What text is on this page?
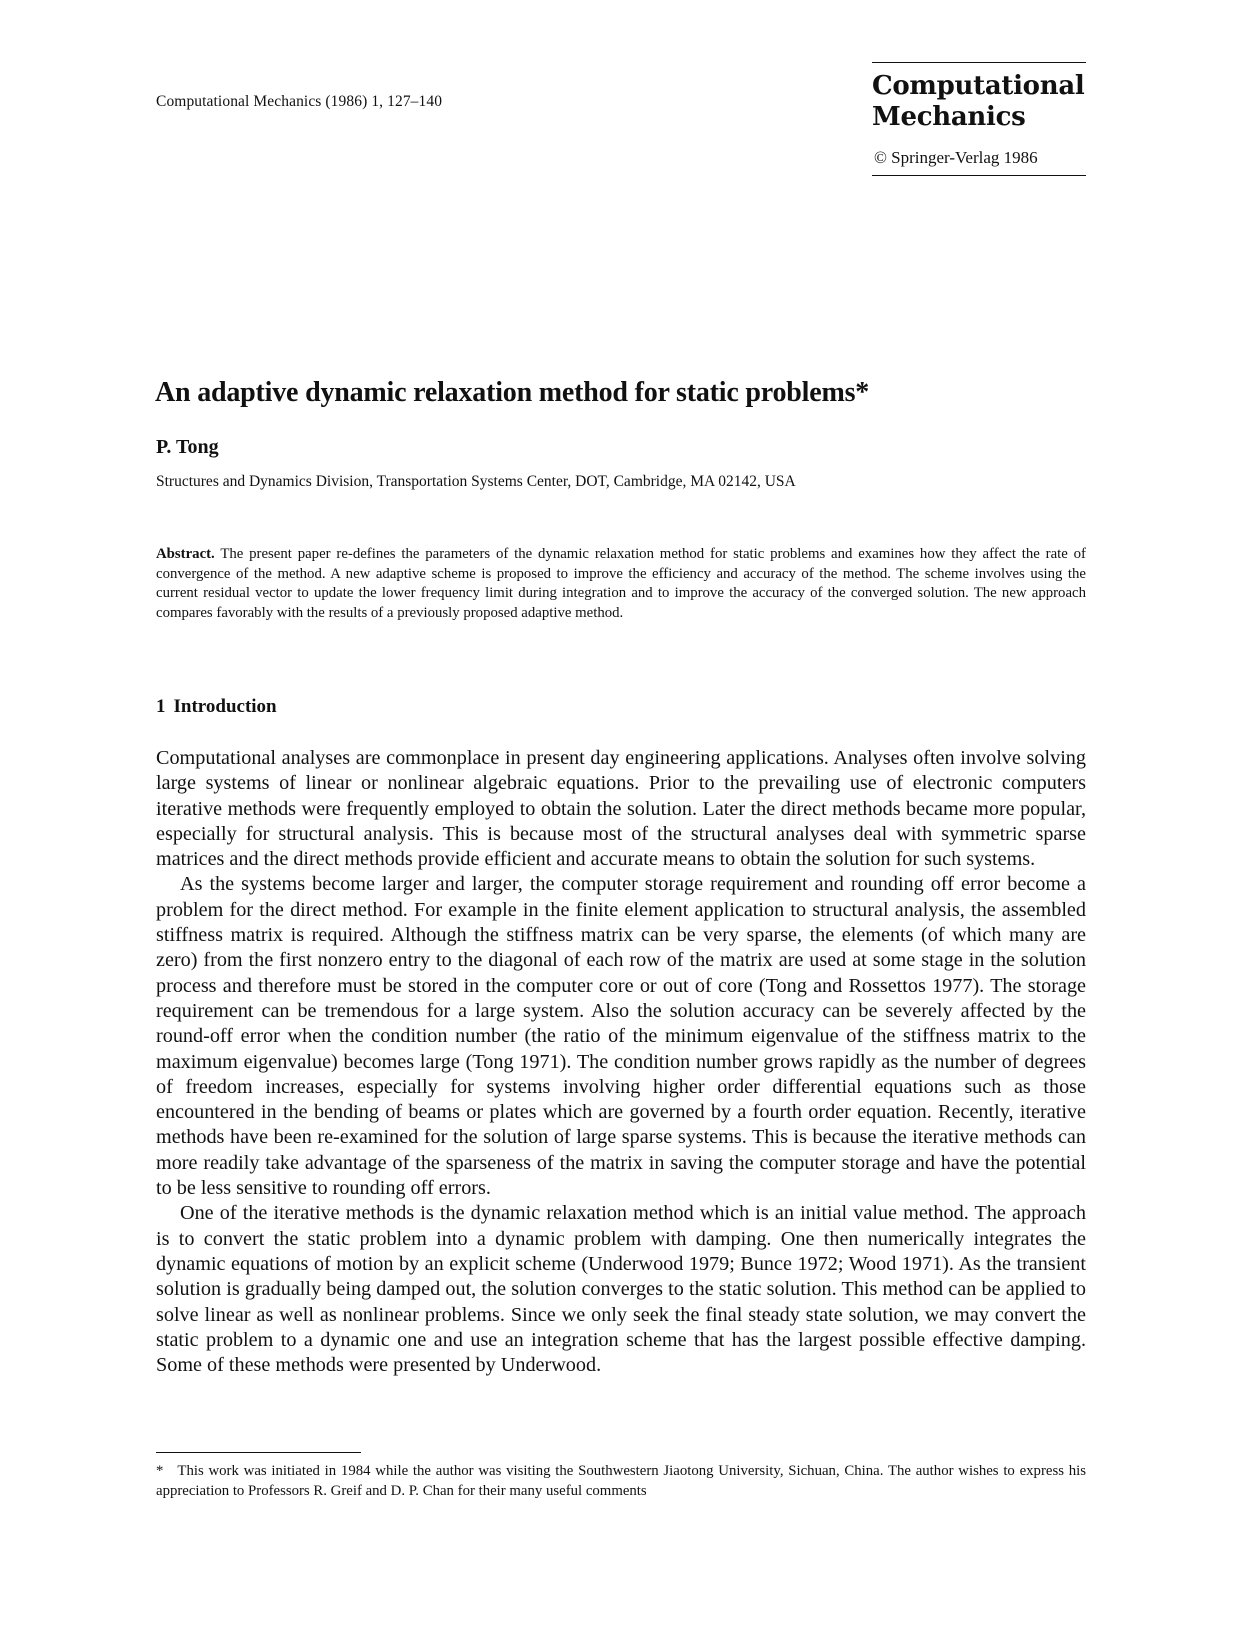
Computational Mechanics (1986) 1, 127–140
Computational
Mechanics
© Springer-Verlag 1986
An adaptive dynamic relaxation method for static problems*
P. Tong
Structures and Dynamics Division, Transportation Systems Center, DOT, Cambridge, MA 02142, USA
Abstract. The present paper re-defines the parameters of the dynamic relaxation method for static problems and examines how they affect the rate of convergence of the method. A new adaptive scheme is proposed to improve the efficiency and accuracy of the method. The scheme involves using the current residual vector to update the lower frequency limit during integration and to improve the accuracy of the converged solution. The new approach compares favorably with the results of a previously proposed adaptive method.
1 Introduction

Computational analyses are commonplace in present day engineering applications. Analyses often involve solving large systems of linear or nonlinear algebraic equations. Prior to the prevailing use of electronic computers iterative methods were frequently employed to obtain the solution. Later the direct methods became more popular, especially for structural analysis. This is because most of the structural analyses deal with symmetric sparse matrices and the direct methods provide efficient and accurate means to obtain the solution for such systems.

As the systems become larger and larger, the computer storage requirement and rounding off error become a problem for the direct method. For example in the finite element application to structural analysis, the assembled stiffness matrix is required. Although the stiffness matrix can be very sparse, the elements (of which many are zero) from the first nonzero entry to the diagonal of each row of the matrix are used at some stage in the solution process and therefore must be stored in the computer core or out of core (Tong and Rossettos 1977). The storage requirement can be tremendous for a large system. Also the solution accuracy can be severely affected by the round-off error when the condition number (the ratio of the minimum eigenvalue of the stiffness matrix to the maximum eigenvalue) becomes large (Tong 1971). The condition number grows rapidly as the number of degrees of freedom increases, especially for systems involving higher order differential equations such as those encountered in the bending of beams or plates which are governed by a fourth order equation. Recently, iterative methods have been re-examined for the solution of large sparse systems. This is because the iterative methods can more readily take advantage of the sparseness of the matrix in saving the computer storage and have the potential to be less sensitive to rounding off errors.

One of the iterative methods is the dynamic relaxation method which is an initial value method. The approach is to convert the static problem into a dynamic problem with damping. One then numerically integrates the dynamic equations of motion by an explicit scheme (Underwood 1979; Bunce 1972; Wood 1971). As the transient solution is gradually being damped out, the solution converges to the static solution. This method can be applied to solve linear as well as nonlinear problems. Since we only seek the final steady state solution, we may convert the static problem to a dynamic one and use an integration scheme that has the largest possible effective damping. Some of these methods were presented by Underwood.

* This work was initiated in 1984 while the author was visiting the Southwestern Jiaotong University, Sichuan, China. The author wishes to express his appreciation to Professors R. Greif and D. P. Chan for their many useful comments
